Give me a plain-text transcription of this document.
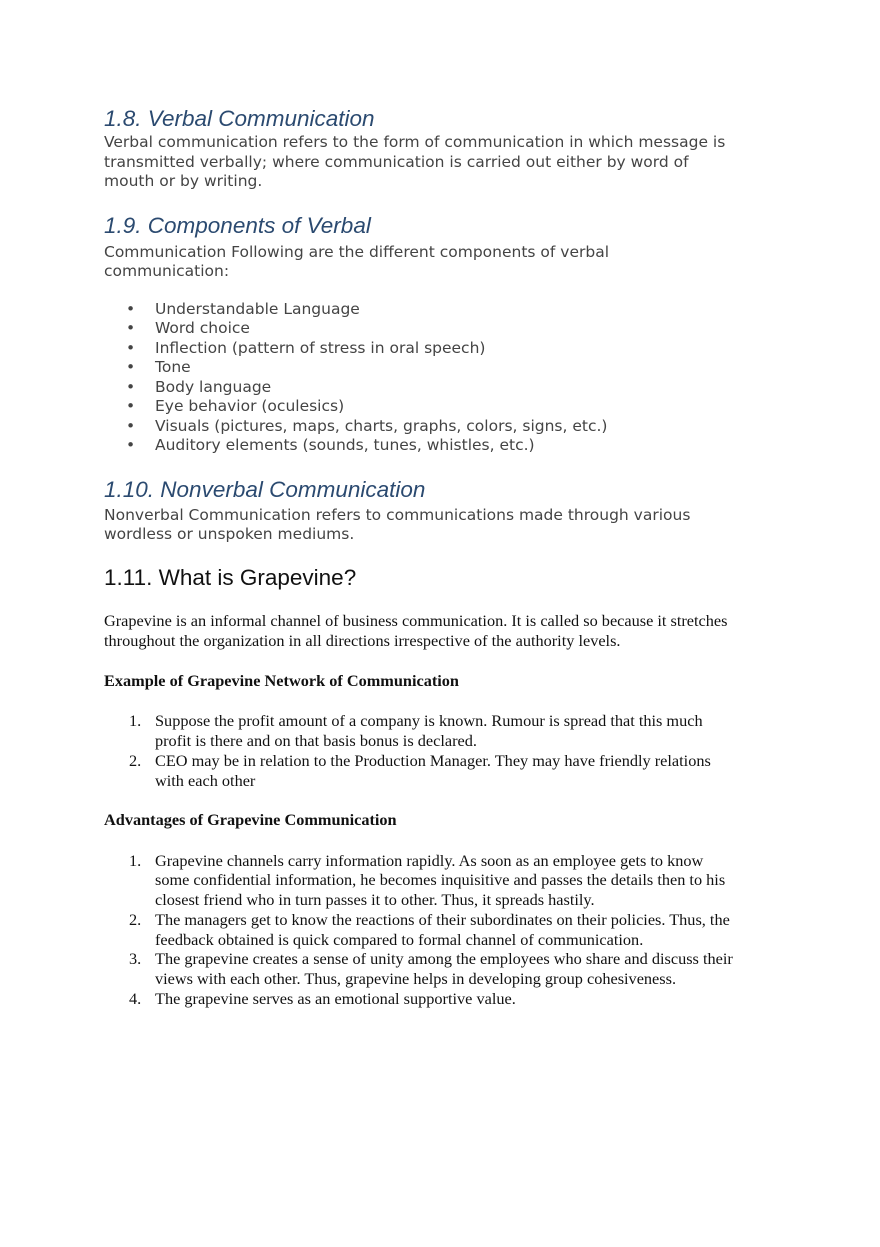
1.8. Verbal Communication

Verbal communication refers to the form of communication in which message is
transmitted verbally; where communication is carried out either by word of
mouth or by writing.

1.9. Components of Verbal

Communication Following are the different components of verbal
communication:

• Understandable Language
• Word choice
• Inflection (pattern of stress in oral speech)
• Tone
• Body language
• Eye behavior (oculesics)
• Visuals (pictures, maps, charts, graphs, colors, signs, etc.)
• Auditory elements (sounds, tunes, whistles, etc.)
1.10. Nonverbal Communication

Nonverbal Communication refers to communications made through various
wordless or unspoken mediums.

1.11. What is Grapevine?

Grapevine is an informal channel of business communication. It is called so because it stretches
throughout the organization in all directions irrespective of the authority levels.

Example of Grapevine Network of Communication
1. Suppose the profit amount of a company is known. Rumour is spread that this much
profit is there and on that basis bonus is declared.
2. CEO may be in relation to the Production Manager. They may have friendly relations
with each other
Advantages of Grapevine Communication
1. Grapevine channels carry information rapidly. As soon as an employee gets to know
some confidential information, he becomes inquisitive and passes the details then to his
closest friend who in turn passes it to other. Thus, it spreads hastily.
2. The managers get to know the reactions of their subordinates on their policies. Thus, the
feedback obtained is quick compared to formal channel of communication.
3. The grapevine creates a sense of unity among the employees who share and discuss their
views with each other. Thus, grapevine helps in developing group cohesiveness.
4. The grapevine serves as an emotional supportive value.
